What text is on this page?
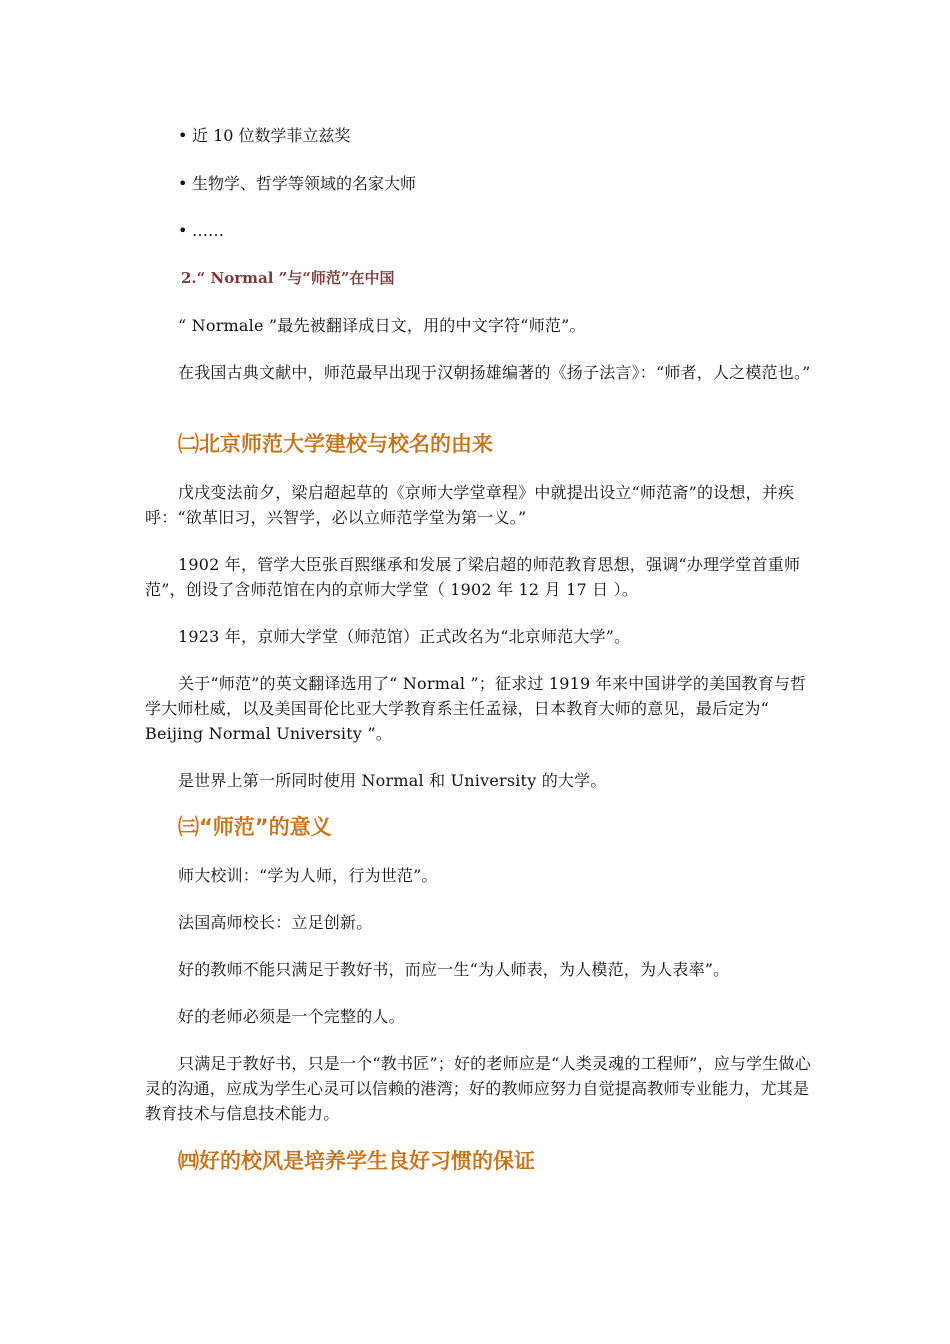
• 近 10 位数学菲立兹奖

• 生物学、哲学等领域的名家大师

• ……

2.“ Normal ”与“师范”在中国

“ Normale ”最先被翻译成日文，用的中文字符“师范”。

在我国古典文献中，师范最早出现于汉朝扬雄编著的《扬子法言》：“师者，人之模范也。”

㈡北京师范大学建校与校名的由来

戊戌变法前夕，梁启超起草的《京师大学堂章程》中就提出设立“师范斋”的设想，并疾呼：“欲革旧习，兴智学，必以立师范学堂为第一义。”

1902 年，管学大臣张百熙继承和发展了梁启超的师范教育思想，强调“办理学堂首重师范”，创设了含师范馆在内的京师大学堂（ 1902 年 12 月 17 日 ）。

1923 年，京师大学堂（师范馆）正式改名为“北京师范大学”。

关于“师范”的英文翻译选用了“ Normal ”；征求过 1919 年来中国讲学的美国教育与哲学大师杜威，以及美国哥伦比亚大学教育系主任孟禄，日本教育大师的意见，最后定为“ Beijing Normal University ”。

是世界上第一所同时使用 Normal 和 University 的大学。

㈢“师范”的意义

师大校训：“学为人师，行为世范”。

法国高师校长：立足创新。

好的教师不能只满足于教好书，而应一生“为人师表，为人模范，为人表率”。

好的老师必须是一个完整的人。

只满足于教好书，只是一个“教书匠”；好的老师应是“人类灵魂的工程师”，应与学生做心灵的沟通，应成为学生心灵可以信赖的港湾；好的教师应努力自觉提高教师专业能力，尤其是教育技术与信息技术能力。

㈣好的校风是培养学生良好习惯的保证
